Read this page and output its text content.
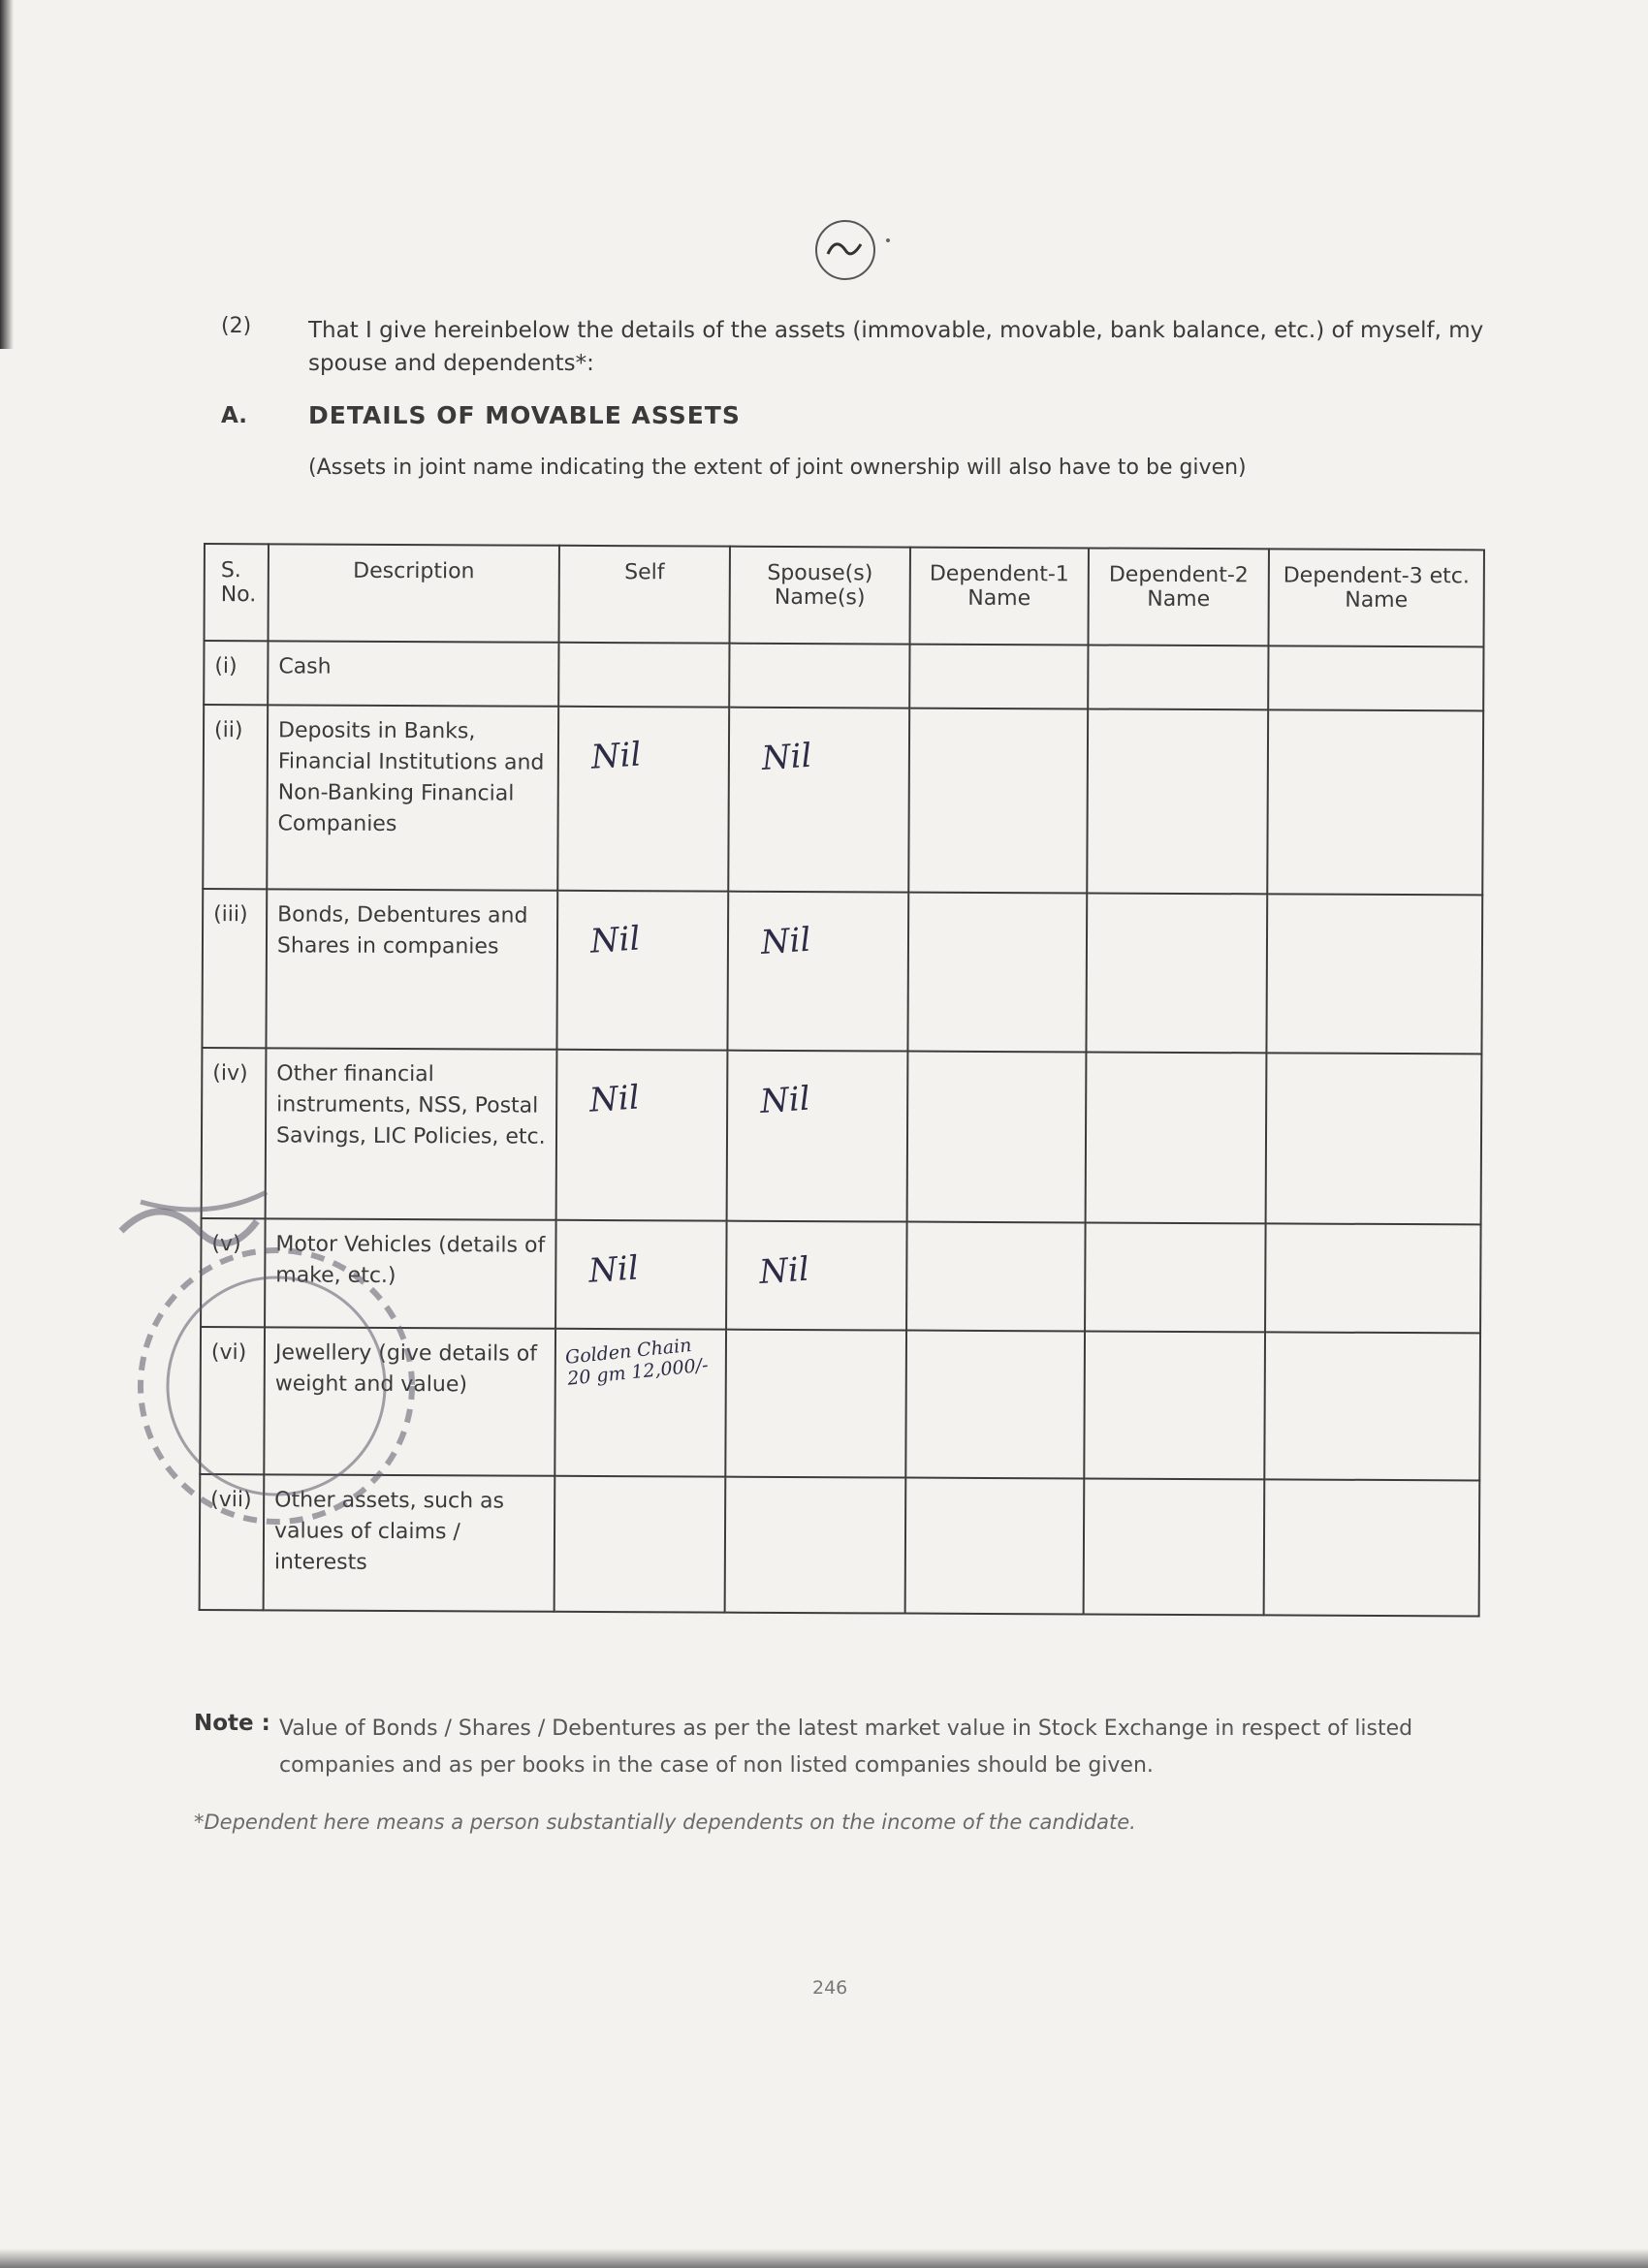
(2)	That I give hereinbelow the details of the assets (immovable, movable, bank balance, etc.) of myself, my spouse and dependents*:
A.	DETAILS OF MOVABLE ASSETS
(Assets in joint name indicating the extent of joint ownership will also have to be given)
S. No.	Description	Self	Spouse(s) Name(s)	Dependent-1 Name	Dependent-2 Name	Dependent-3 etc. Name
(i)	Cash	

(ii)	Deposits in Banks, Financial Institutions and Non-Banking Financial Companies	Nil	Nil			

(iii)	Bonds, Debentures and Shares in companies	Nil	Nil			

(iv)	Other financial instruments, NSS, Postal Savings, LIC Policies, etc.	Nil	Nil			

(v)	Motor Vehicles (details of make, etc.)	Nil	Nil			

(vi)	Jewellery (give details of weight and value)	Golden Chain 20 gm 12,000/-				

(vii)	Other assets, such as values of claims / interests	

Note : Value of Bonds / Shares / Debentures as per the latest market value in Stock Exchange in respect of listed companies and as per books in the case of non listed companies should be given.
*Dependent here means a person substantially dependents on the income of the candidate.
246
